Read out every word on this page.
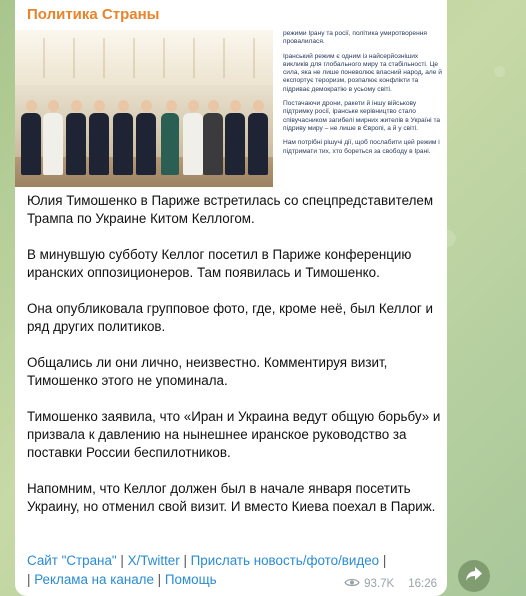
Политика Страны

режими Ірану та росії, політика умиротворення провалилася.

Іранський режим є одним із найсерйозніших викликів для глобального миру та стабільності. Це сила, яка не лише поневолює власний народ, але й експортує тероризм, розпалює конфлікти та підриває демократію в усьому світі.

Постачаючи дрони, ракети й іншу військову підтримку росії, іранське керівництво стало співучасником загибелі мирних жителів в Україні та підриву миру – не лише в Європі, а й у світі.

Нам потрібні рішучі дії, щоб послабити цей режим і підтримати тих, хто бореться за свободу в Ірані.

Юлия Тимошенко в Париже встретилась со спецпредставителем Трампа по Украине Китом Келлогом.

В минувшую субботу Келлог посетил в Париже конференцию иранских оппозиционеров. Там появилась и Тимошенко.

Она опубликовала групповое фото, где, кроме неё, был Келлог и ряд других политиков.

Общались ли они лично, неизвестно. Комментируя визит, Тимошенко этого не упоминала.

Тимошенко заявила, что «Иран и Украина ведут общую борьбу» и призвала к давлению на нынешнее иранское руководство за поставки России беспилотников.

Напомним, что Келлог должен был в начале января посетить Украину, но отменил свой визит. И вместо Киева поехал в Париж.

Сайт "Страна" | X/Twitter | Прислать новость/фото/видео |
| Реклама на канале | Помощь	93.7K 16:26
